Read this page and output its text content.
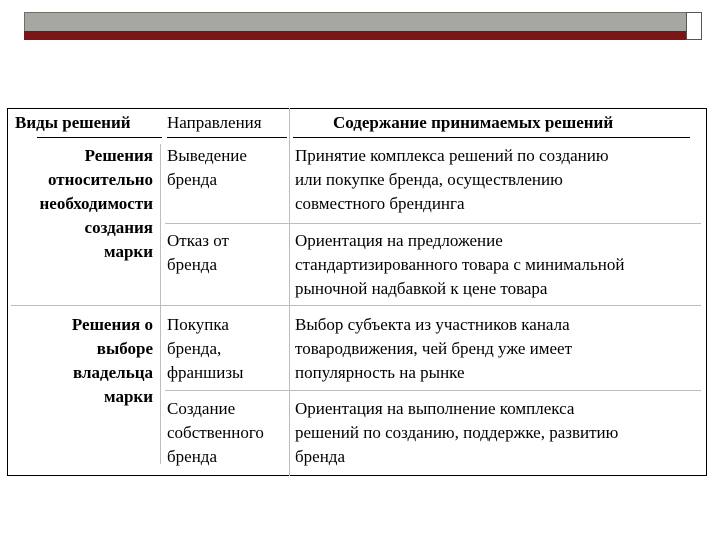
Виды решений Направления	Содержание принимаемых решений
Решения
относительно
необходимости
создания
марки
Выведение
бренда
Принятие комплекса решений по созданию
или покупке бренда, осуществлению
совместного брендинга
Отказ от
бренда
Ориентация на предложение
стандартизированного товара с минимальной
рыночной надбавкой к цене товара
Решения о
выборе
владельца
марки
Покупка
бренда,
франшизы
Выбор субъекта из участников канала
товародвижения, чей бренд уже имеет
популярность на рынке
Создание
собственного
бренда
Ориентация на выполнение комплекса
решений по созданию, поддержке, развитию
бренда
